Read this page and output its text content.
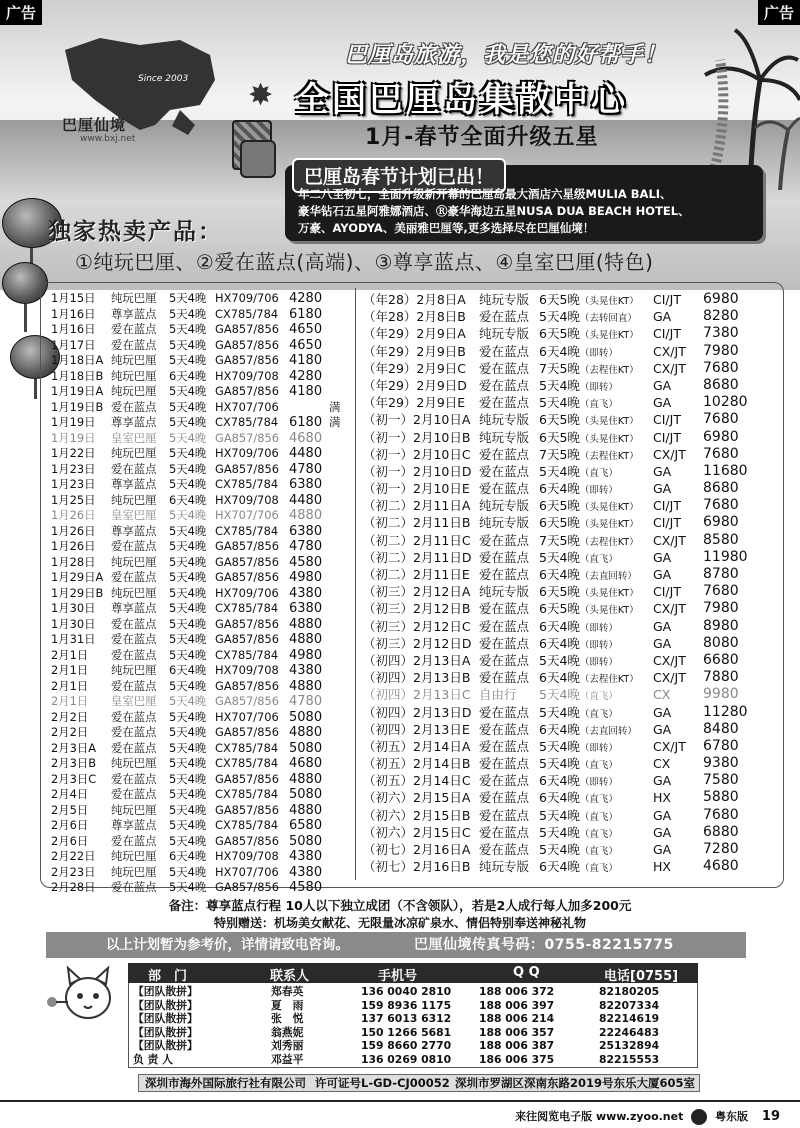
广告	广告
Since 2003
Bali
巴厘仙境
www.bxj.net
✸
巴厘岛旅游，我是您的好帮手！
全国巴厘岛集散中心
1月-春节全面升级五星
巴厘岛春节计划已出！
年二八至初七，全面升级新开幕的巴厘岛最大酒店六星级MULIA BALI、
豪华钻石五星阿雅娜酒店、Ⓡ豪华海边五星NUSA DUA BEACH HOTEL、
万豪、AYODYA、美丽雅巴厘等,更多选择尽在巴厘仙境！
独家热卖产品：
①纯玩巴厘、②爱在蓝点(高端)、③尊享蓝点、④皇室巴厘(特色)
1月15日 纯玩巴厘 5天4晚 HX709/706 4280
1月16日 尊享蓝点 5天4晚 CX785/784 6180
1月16日 爱在蓝点 5天4晚 GA857/856 4650
1月17日 爱在蓝点 5天4晚 GA857/856 4650
1月18日A 纯玩巴厘 5天4晚 GA857/856 4180
1月18日B 纯玩巴厘 6天4晚 HX709/708 4280
1月19日A 纯玩巴厘 5天4晚 GA857/856 4180
1月19日B 爱在蓝点 5天4晚 HX707/706	满
1月19日 尊享蓝点 5天4晚 CX785/784 6180 满
1月19日 皇室巴厘 5天4晚 GA857/856 4680
1月22日 纯玩巴厘 5天4晚 HX709/706 4480
1月23日 爱在蓝点 5天4晚 GA857/856 4780
1月23日 尊享蓝点 5天4晚 CX785/784 6380
1月25日 纯玩巴厘 6天4晚 HX709/708 4480
1月26日 皇室巴厘 5天4晚 HX707/706 4880
1月26日 尊享蓝点 5天4晚 CX785/784 6380
1月26日 爱在蓝点 5天4晚 GA857/856 4780
1月28日 纯玩巴厘 5天4晚 GA857/856 4580
1月29日A 爱在蓝点 5天4晚 GA857/856 4980
1月29日B 纯玩巴厘 5天4晚 HX709/706 4380
1月30日 尊享蓝点 5天4晚 CX785/784 6380
1月30日 爱在蓝点 5天4晚 GA857/856 4880
1月31日 爱在蓝点 5天4晚 GA857/856 4880
2月1日 爱在蓝点 5天4晚 CX785/784 4980
2月1日 纯玩巴厘 6天4晚 HX709/708 4380
2月1日 爱在蓝点 5天4晚 GA857/856 4880
2月1日 皇室巴厘 5天4晚 GA857/856 4780
2月2日 爱在蓝点 5天4晚 HX707/706 5080
2月2日 爱在蓝点 5天4晚 GA857/856 4880
2月3日A 爱在蓝点 5天4晚 CX785/784 5080
2月3日B 纯玩巴厘 5天4晚 CX785/784 4680
2月3日C 爱在蓝点 5天4晚 GA857/856 4880
2月4日 爱在蓝点 5天4晚 CX785/784 5080
2月5日 纯玩巴厘 5天4晚 GA857/856 4880
2月6日 尊享蓝点 5天4晚 CX785/784 6580
2月6日 爱在蓝点 5天4晚 GA857/856 5080
2月22日 纯玩巴厘 6天4晚 HX709/708 4380
2月23日 纯玩巴厘 5天4晚 HX707/706 4380
2月28日 爱在蓝点 5天4晚 GA857/856 4580
（年28）2月8日A 纯玩专版 6天5晚（头晃住KT） CI/JT 6980
（年28）2月8日B 爱在蓝点 5天4晚（去转回直） GA 8280
（年29）2月9日A 纯玩专版 6天5晚（头晃住KT） CI/JT 7380
（年29）2月9日B 爱在蓝点 6天4晚（即转）	CX/JT 7980
（年29）2月9日C 爱在蓝点 7天5晚（去程住KT） CX/JT 7680
（年29）2月9日D 爱在蓝点 5天4晚（即转）	GA 8680
（年29）2月9日E 爱在蓝点 5天4晚（直飞）	GA 10280
（初一）2月10日A 纯玩专版 6天5晚（头晃住KT） CI/JT 7680
（初一）2月10日B 纯玩专版 6天5晚（头晃住KT） CI/JT 6980
（初一）2月10日C 爱在蓝点 7天5晚（去程住KT） CX/JT 7680
（初一）2月10日D 爱在蓝点 5天4晚（直飞）	GA 11680
（初一）2月10日E 爱在蓝点 6天4晚（即转）	GA 8680
（初二）2月11日A 纯玩专版 6天5晚（头晃住KT） CI/JT 7680
（初二）2月11日B 纯玩专版 6天5晚（头晃住KT） CI/JT 6980
（初二）2月11日C 爱在蓝点 7天5晚（去程住KT） CX/JT 8580
（初二）2月11日D 爱在蓝点 5天4晚（直飞）	GA 11980
（初二）2月11日E 爱在蓝点 6天4晚（去直回转） GA 8780
（初三）2月12日A 纯玩专版 6天5晚（头晃住KT） CI/JT 7680
（初三）2月12日B 爱在蓝点 6天5晚（头晃住KT） CX/JT 7980
（初三）2月12日C 爱在蓝点 6天4晚（即转）	GA 8980
（初三）2月12日D 爱在蓝点 6天4晚（即转）	GA 8080
（初四）2月13日A 爱在蓝点 5天4晚（即转）	CX/JT 6680
（初四）2月13日B 爱在蓝点 6天4晚（去程住KT） CX/JT 7880
（初四）2月13日C 自由行 5天4晚（直飞）	CX 9980
（初四）2月13日D 爱在蓝点 5天4晚（直飞）	GA 11280
（初四）2月13日E 爱在蓝点 6天4晚（去直回转） GA 8480
（初五）2月14日A 爱在蓝点 5天4晚（即转）	CX/JT 6780
（初五）2月14日B 爱在蓝点 5天4晚（直飞）	CX 9380
（初五）2月14日C 爱在蓝点 6天4晚（即转）	GA 7580
（初六）2月15日A 爱在蓝点 6天4晚（直飞）	HX 5880
（初六）2月15日B 爱在蓝点 5天4晚（直飞）	GA 7680
（初六）2月15日C 爱在蓝点 5天4晚（直飞）	GA 6880
（初七）2月16日A 爱在蓝点 5天4晚（直飞）	GA 7280
（初七）2月16日B 纯玩专版 6天4晚（直飞）	HX 4680
备注：尊享蓝点行程 10人以下独立成团（不含领队），若是2人成行每人加多200元
特别赠送：机场美女献花、无限量冰凉矿泉水、情侣特别奉送神秘礼物
以上计划暂为参考价，详情请致电咨询。	巴厘仙境传真号码：0755-82215775
部　门	联系人	手机号	Q Q	电话[0755]
【团队散拼】	郑春英	136 0040 2810	188 006 372	82180205
【团队散拼】	夏　雨	159 8936 1175	188 006 397	82207334
【团队散拼】	张　悦	137 6013 6312	188 006 214	82214619
【团队散拼】	翁燕妮	150 1266 5681	188 006 357	22246483
【团队散拼】	刘秀丽	159 8660 2770	188 006 387	25132894
负 责 人	邓益平	136 0269 0810	186 006 375	82215553
深圳市海外国际旅行社有限公司 许可证号L-GD-CJ00052 深圳市罗湖区深南东路2019号东乐大厦605室
来往阅览电子版 www.zyoo.net	粤东版 19
